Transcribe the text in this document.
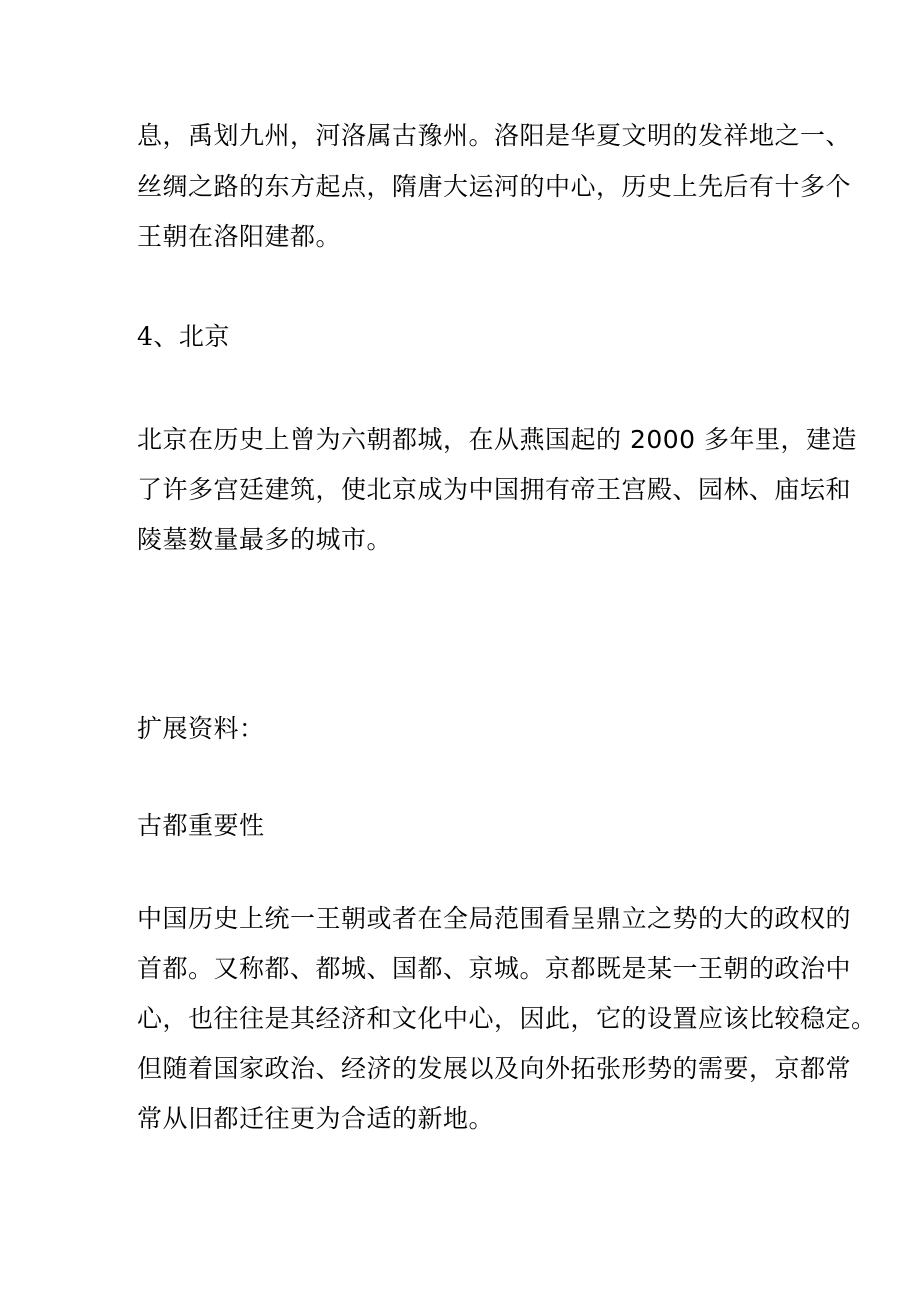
息，禹划九州，河洛属古豫州。洛阳是华夏文明的发祥地之一、
丝绸之路的东方起点，隋唐大运河的中心，历史上先后有十多个
王朝在洛阳建都。
4、北京
北京在历史上曾为六朝都城，在从燕国起的 2000 多年里，建造
了许多宫廷建筑，使北京成为中国拥有帝王宫殿、园林、庙坛和
陵墓数量最多的城市。
扩展资料：
古都重要性
中国历史上统一王朝或者在全局范围看呈鼎立之势的大的政权的
首都。又称都、都城、国都、京城。京都既是某一王朝的政治中
心，也往往是其经济和文化中心，因此，它的设置应该比较稳定。
但随着国家政治、经济的发展以及向外拓张形势的需要，京都常
常从旧都迁往更为合适的新地。
